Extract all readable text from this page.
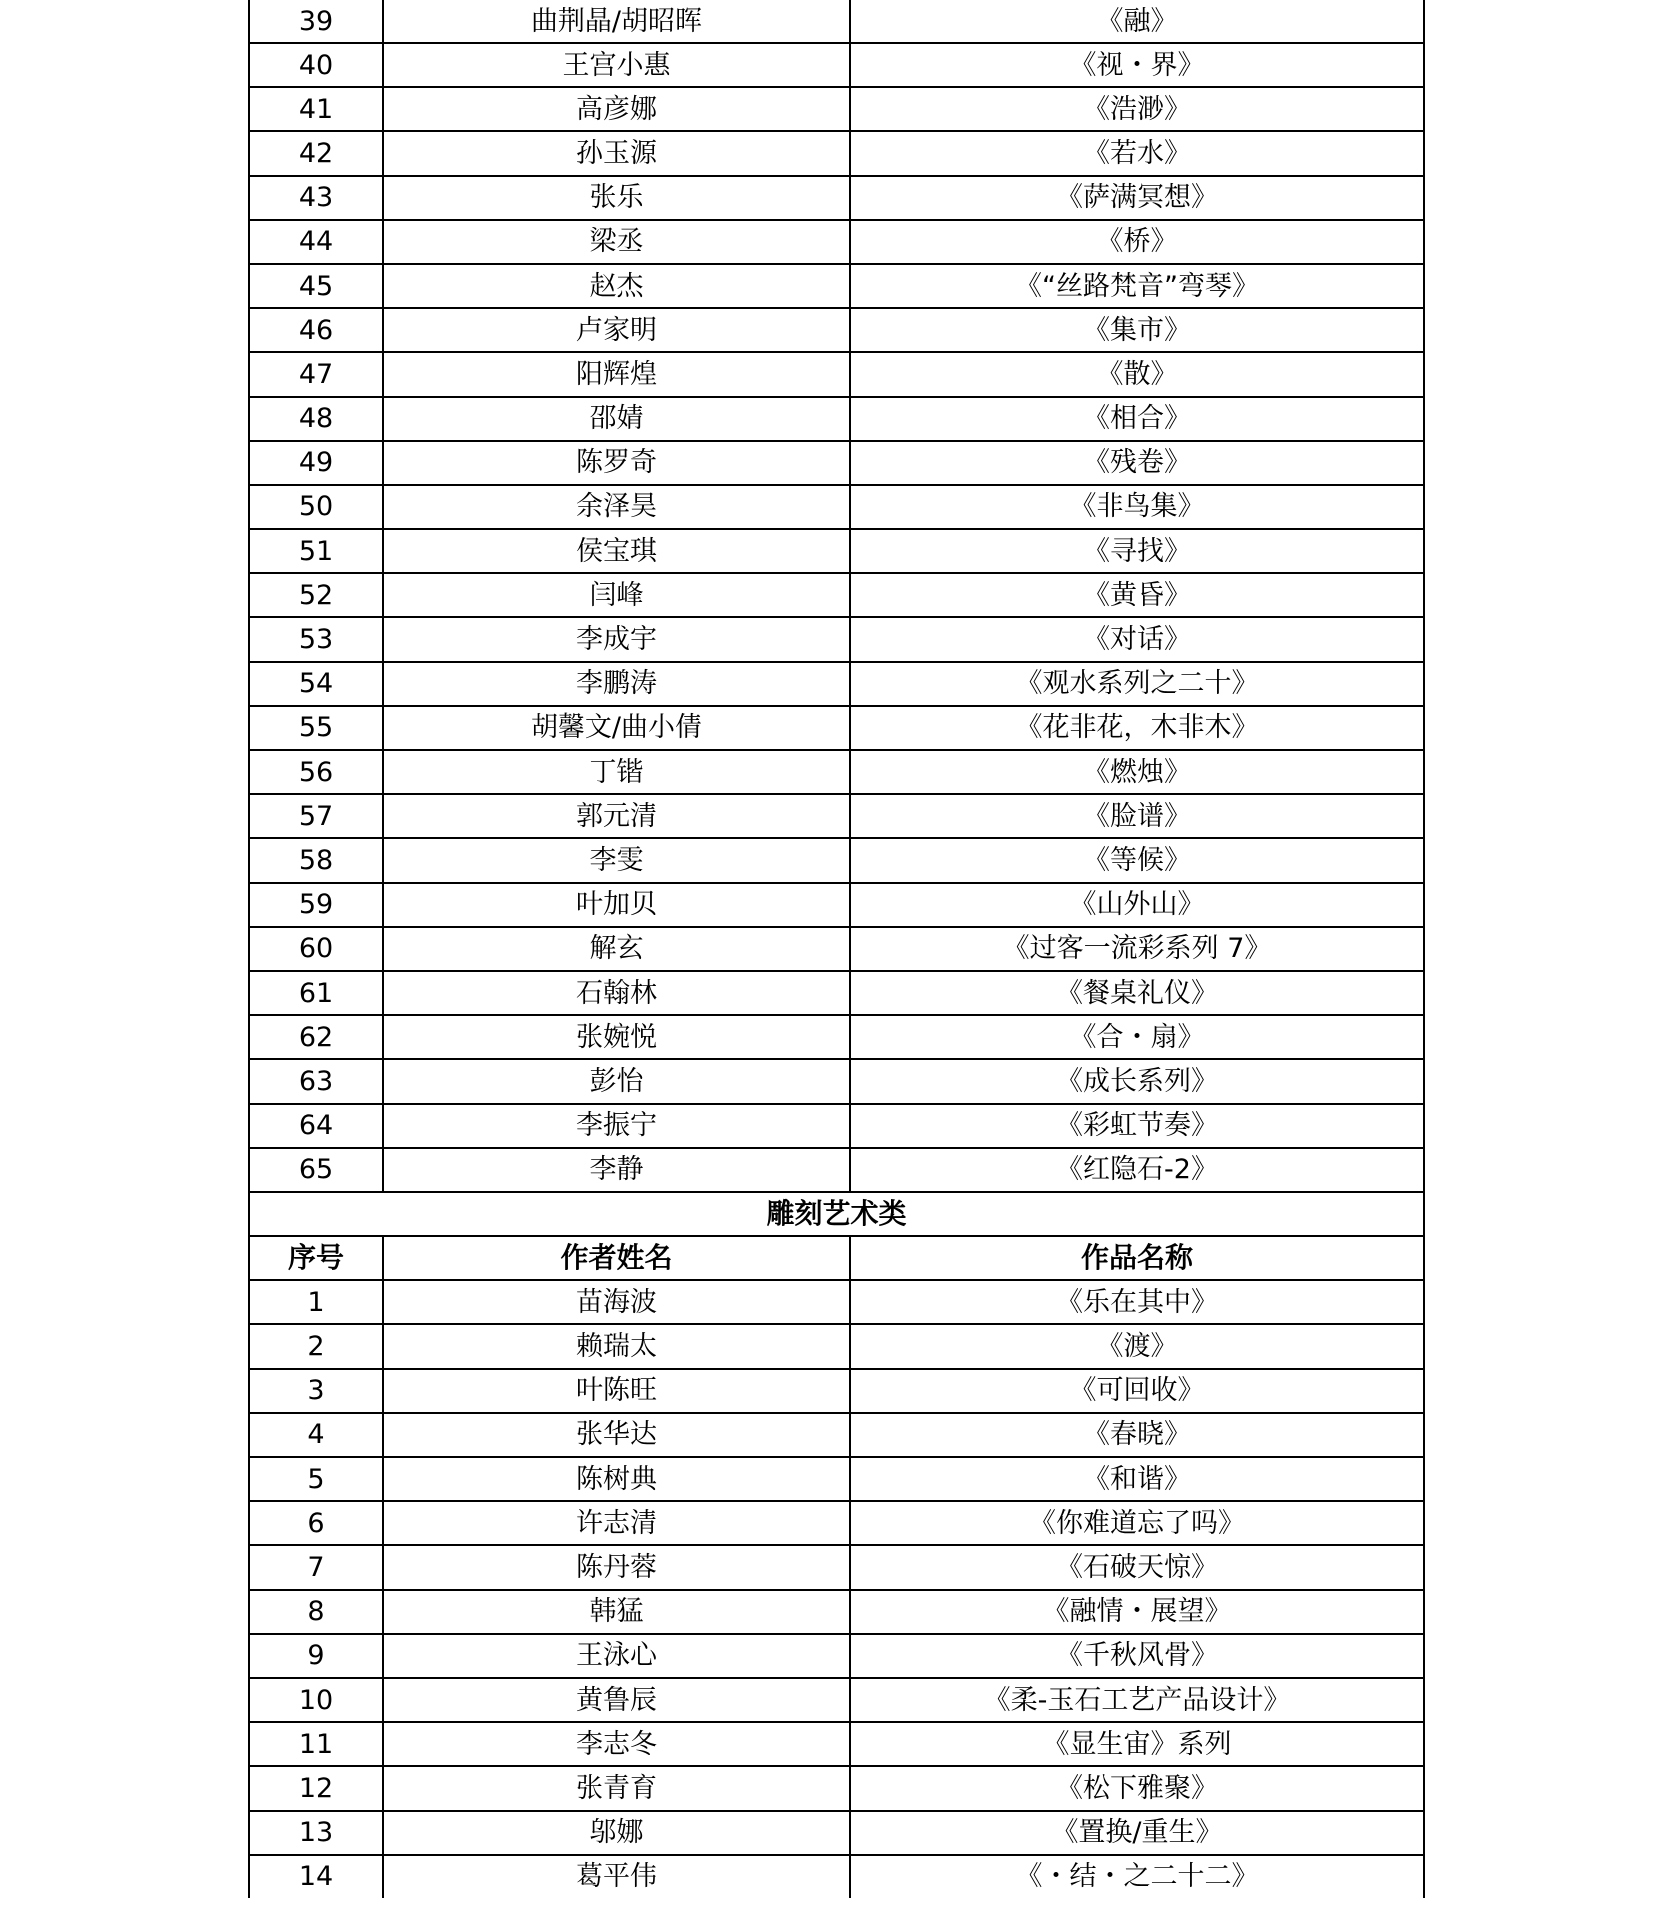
39	曲荆晶/胡昭晖	《融》
40	王宫小惠	《视・界》
41	高彦娜	《浩渺》
42	孙玉源	《若水》
43	张乐	《萨满冥想》
44	梁丞	《桥》
45	赵杰	《“丝路梵音”弯琴》
46	卢家明	《集市》
47	阳辉煌	《散》
48	邵婧	《相合》
49	陈罗奇	《残卷》
50	余泽昊	《非鸟集》
51	侯宝琪	《寻找》
52	闫峰	《黄昏》
53	李成宇	《对话》
54	李鹏涛	《观水系列之二十》
55	胡馨文/曲小倩	《花非花，木非木》
56	丁锴	《燃烛》
57	郭元清	《脸谱》
58	李雯	《等候》
59	叶加贝	《山外山》
60	解玄	《过客一流彩系列 7》
61	石翰林	《餐桌礼仪》
62	张婉悦	《合・扇》
63	彭怡	《成长系列》
64	李振宁	《彩虹节奏》
65	李静	《红隐石-2》
雕刻艺术类		
序号	作者姓名	作品名称
1	苗海波	《乐在其中》
2	赖瑞太	《渡》
3	叶陈旺	《可回收》
4	张华达	《春晓》
5	陈树典	《和谐》
6	许志清	《你难道忘了吗》
7	陈丹蓉	《石破天惊》
8	韩猛	《融情・展望》
9	王泳心	《千秋风骨》
10	黄鲁辰	《柔-玉石工艺产品设计》
11	李志冬	《显生宙》系列
12	张青育	《松下雅聚》
13	邬娜	《置换/重生》
14	葛平伟	《・结・之二十二》
